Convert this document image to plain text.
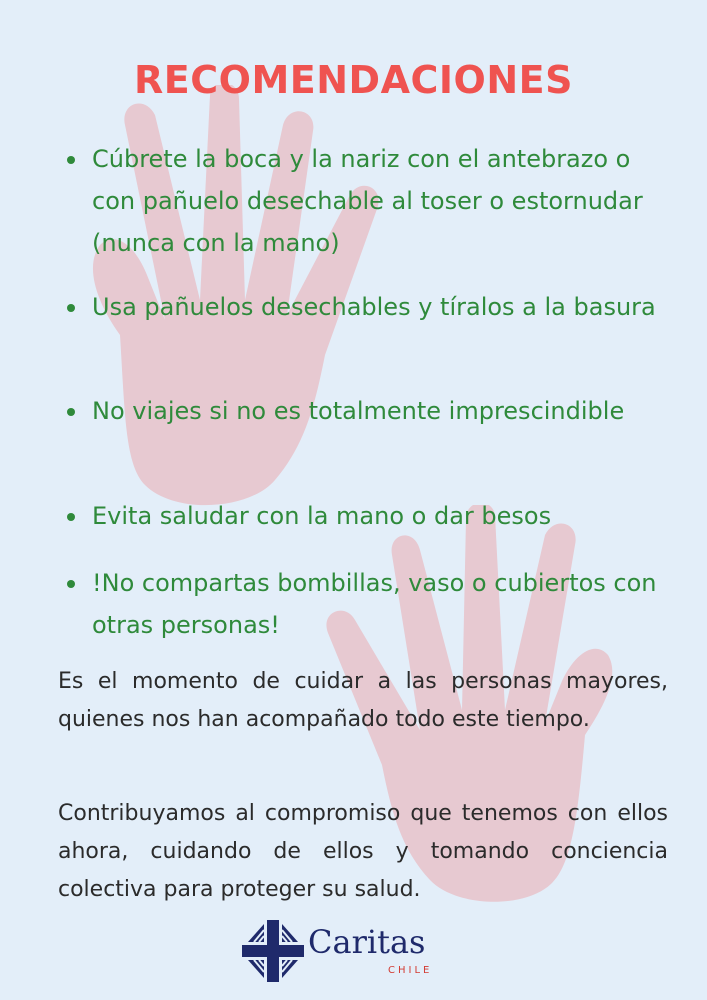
RECOMENDACIONES
Cúbrete la boca y la nariz con el antebrazo o con pañuelo desechable al toser o estornudar (nunca con la mano)
Usa pañuelos desechables y tíralos a la basura
No viajes si no es totalmente imprescindible
Evita saludar con la mano o dar besos
!No compartas bombillas, vaso o cubiertos con otras personas!

Es el momento de cuidar a las personas mayores, quienes nos han acompañado todo este tiempo.

Contribuyamos al compromiso que tenemos con ellos ahora, cuidando de ellos y tomando conciencia colectiva para proteger su salud.

Caritas
CHILE
